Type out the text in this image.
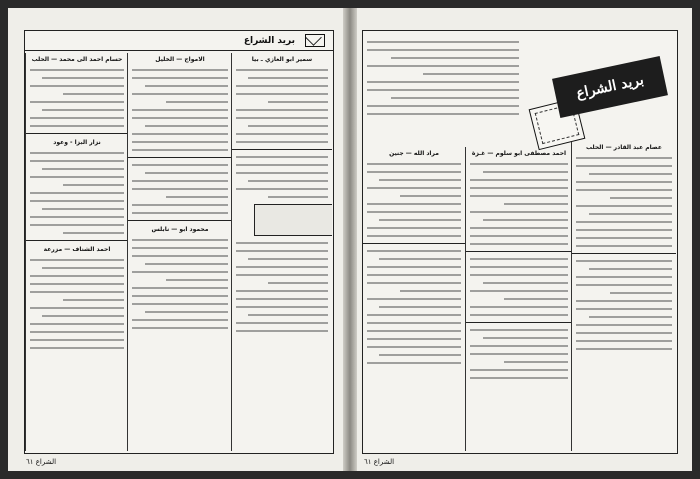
بريد الشراع
حسام احمد الى محمد — الحلب
نزار البزا - وعود
احمد الشناف — مزرعة
الامواج — الخليل
محمود ابو — نابلس
سمير ابو الغازي ـ بيا
الشراع ٦١
مراد الله — جنين	احمد مصطفى ابو سلوم — غـزة
عصام عبد القادر — الحلب
بريد الشراع
الشراع ٦١
